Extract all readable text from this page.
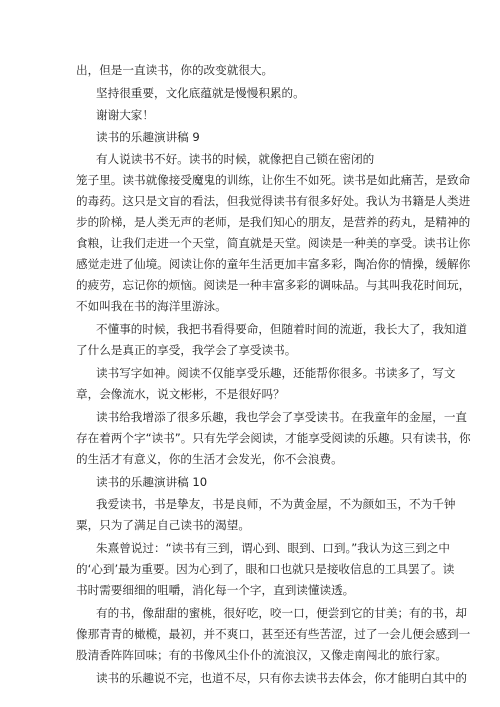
出，但是一直读书，你的改变就很大。
坚持很重要，文化底蕴就是慢慢积累的。
谢谢大家！
读书的乐趣演讲稿 9
有人说读书不好。读书的时候，就像把自己锁在密闭的
笼子里。读书就像接受魔鬼的训练，让你生不如死。读书是如此痛苦，是致命
的毒药。这只是文盲的看法，但我觉得读书有很多好处。我认为书籍是人类进
步的阶梯，是人类无声的老师，是我们知心的朋友，是营养的药丸，是精神的
食粮，让我们走进一个天堂，简直就是天堂。阅读是一种美的享受。读书让你
感觉走进了仙境。阅读让你的童年生活更加丰富多彩，陶冶你的情操，缓解你
的疲劳，忘记你的烦恼。阅读是一种丰富多彩的调味品。与其叫我花时间玩，
不如叫我在书的海洋里游泳。
不懂事的时候，我把书看得要命，但随着时间的流逝，我长大了，我知道
了什么是真正的享受，我学会了享受读书。
读书写字如神。阅读不仅能享受乐趣，还能帮你很多。书读多了，写文
章，会像流水，说文彬彬，不是很好吗？
读书给我增添了很多乐趣，我也学会了享受读书。在我童年的金屋，一直
存在着两个字“读书”。只有先学会阅读，才能享受阅读的乐趣。只有读书，你
的生活才有意义，你的生活才会发光，你不会浪费。
读书的乐趣演讲稿 10
我爱读书，书是挚友，书是良师，不为黄金屋，不为颜如玉，不为千钟
粟，只为了满足自己读书的渴望。
朱熹曾说过：“读书有三到，谓心到、眼到、口到。”我认为这三到之中
的‘心到’最为重要。因为心到了，眼和口也就只是接收信息的工具罢了。读
书时需要细细的咀嚼，消化每一个字，直到读懂读透。
有的书，像甜甜的蜜桃，很好吃，咬一口，便尝到它的甘美；有的书，却
像那青青的橄榄，最初，并不爽口，甚至还有些苦涩，过了一会儿便会感到一
股清香阵阵回味；有的书像风尘仆仆的流浪汉，又像走南闯北的旅行家。
读书的乐趣说不完，也道不尽，只有你去读书去体会，你才能明白其中的
